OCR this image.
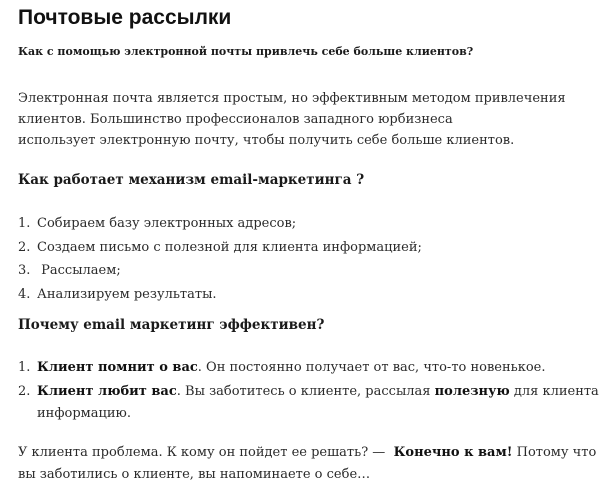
Почтовые рассылки

Как с помощью электронной почты привлечь себе больше клиентов?

Электронная почта является простым, но эффективным методом привлечения
клиентов. Большинство профессионалов западного юрбизнеса
использует электронную почту, чтобы получить себе больше клиентов.

Как работает механизм email-маркетинга ?
1. Собираем базу электронных адресов;
2. Создаем письмо с полезной для клиента информацией;
3. Рассылаем;
4. Анализируем результаты.
Почему email маркетинг эффективен?
1. Клиент помнит о вас. Он постоянно получает от вас, что-то новенькое.
2. Клиент любит вас. Вы заботитесь о клиенте, рассылая полезную для клиента
информацию.

У клиента проблема. К кому он пойдет ее решать? —  Конечно к вам! Потому что
вы заботились о клиенте, вы напоминаете о себе…
